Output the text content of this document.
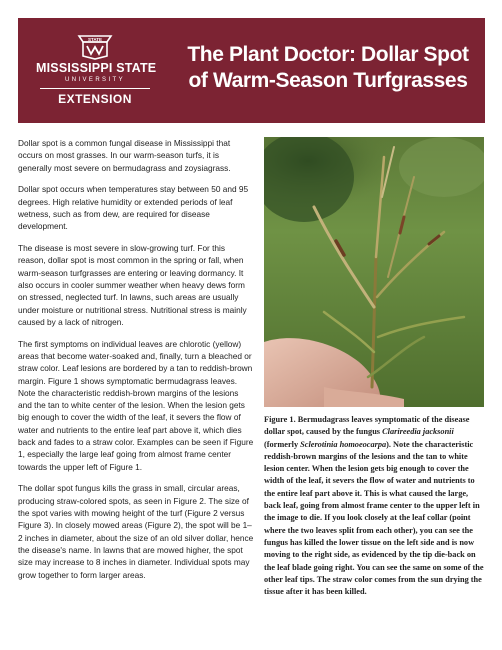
STATE
MISSISSIPPI STATE
UNIVERSITY
EXTENSION
The Plant Doctor: Dollar Spot
of Warm-Season Turfgrasses

Dollar spot is a common fungal disease in Mississippi that occurs on most grasses. In our warm-season turfs, it is generally most severe on bermudagrass and zoysiagrass.

Dollar spot occurs when temperatures stay between 50 and 95 degrees. High relative humidity or extended periods of leaf wetness, such as from dew, are required for disease development.

The disease is most severe in slow-growing turf. For this reason, dollar spot is most common in the spring or fall, when warm-season turfgrasses are entering or leaving dormancy. It also occurs in cooler summer weather when heavy dews form on stressed, neglected turf. In lawns, such areas are usually under moisture or nutritional stress. Nutritional stress is mainly caused by a lack of nitrogen.

The first symptoms on individual leaves are chlorotic (yellow) areas that become water-soaked and, finally, turn a bleached or straw color. Leaf lesions are bordered by a tan to reddish-brown margin. Figure 1 shows symptomatic bermudagrass leaves. Note the characteristic reddish-brown margins of the lesions and the tan to white center of the lesion. When the lesion gets big enough to cover the width of the leaf, it severs the flow of water and nutrients to the entire leaf part above it, which dies back and fades to a straw color. Examples can be seen if Figure 1, especially the large leaf going from almost frame center towards the upper left of Figure 1.

The dollar spot fungus kills the grass in small, circular areas, producing straw-colored spots, as seen in Figure 2. The size of the spot varies with mowing height of the turf (Figure 2 versus Figure 3). In closely mowed areas (Figure 2), the spot will be 1–2 inches in diameter, about the size of an old silver dollar, hence the disease's name. In lawns that are mowed higher, the spot size may increase to 8 inches in diameter. Individual spots may grow together to form larger areas.

Figure 1. Bermudagrass leaves symptomatic of the disease dollar spot, caused by the fungus Clarireedia jacksonii (formerly Sclerotinia homoeocarpa). Note the characteristic reddish-brown margins of the lesions and the tan to white lesion center. When the lesion gets big enough to cover the width of the leaf, it severs the flow of water and nutrients to the entire leaf part above it. This is what caused the large, back leaf, going from almost frame center to the upper left in the image to die. If you look closely at the leaf collar (point where the two leaves split from each other), you can see the fungus has killed the lower tissue on the left side and is now moving to the right side, as evidenced by the tip die-back on the leaf blade going right. You can see the same on some of the other leaf tips. The straw color comes from the sun drying the tissue after it has been killed.
